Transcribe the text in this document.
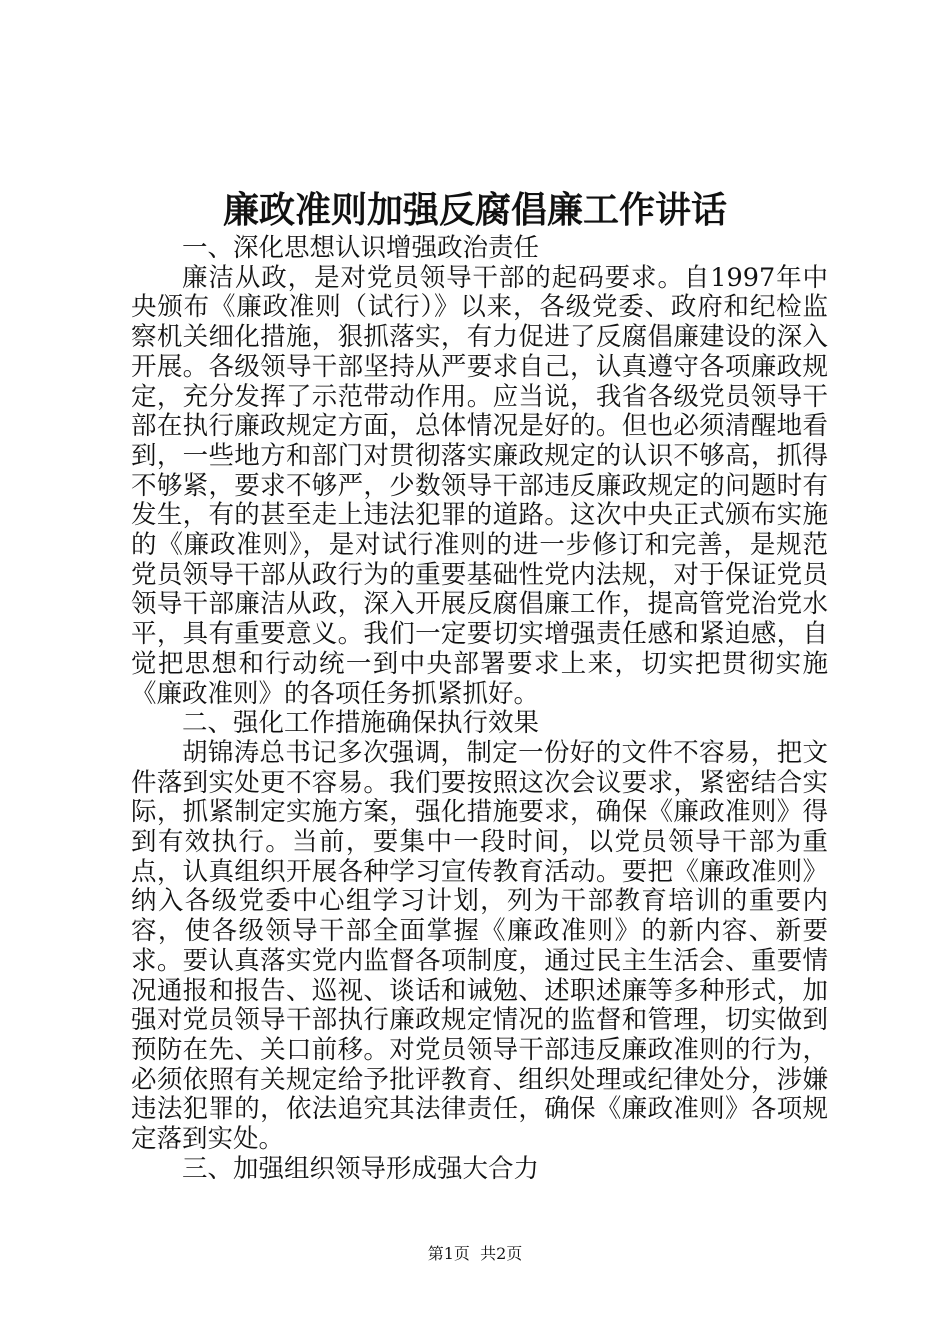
廉政准则加强反腐倡廉工作讲话

一、深化思想认识增强政治责任

廉洁从政，是对党员领导干部的起码要求。自1997年中央颁布《廉政准则（试行）》以来，各级党委、政府和纪检监察机关细化措施，狠抓落实，有力促进了反腐倡廉建设的深入开展。各级领导干部坚持从严要求自己，认真遵守各项廉政规定，充分发挥了示范带动作用。应当说，我省各级党员领导干部在执行廉政规定方面，总体情况是好的。但也必须清醒地看到，一些地方和部门对贯彻落实廉政规定的认识不够高，抓得不够紧，要求不够严，少数领导干部违反廉政规定的问题时有发生，有的甚至走上违法犯罪的道路。这次中央正式颁布实施的《廉政准则》，是对试行准则的进一步修订和完善，是规范党员领导干部从政行为的重要基础性党内法规，对于保证党员领导干部廉洁从政，深入开展反腐倡廉工作，提高管党治党水平，具有重要意义。我们一定要切实增强责任感和紧迫感，自觉把思想和行动统一到中央部署要求上来，切实把贯彻实施《廉政准则》的各项任务抓紧抓好。

二、强化工作措施确保执行效果

胡锦涛总书记多次强调，制定一份好的文件不容易，把文件落到实处更不容易。我们要按照这次会议要求，紧密结合实际，抓紧制定实施方案，强化措施要求，确保《廉政准则》得到有效执行。当前，要集中一段时间，以党员领导干部为重点，认真组织开展各种学习宣传教育活动。要把《廉政准则》纳入各级党委中心组学习计划，列为干部教育培训的重要内容，使各级领导干部全面掌握《廉政准则》的新内容、新要求。要认真落实党内监督各项制度，通过民主生活会、重要情况通报和报告、巡视、谈话和诫勉、述职述廉等多种形式，加强对党员领导干部执行廉政规定情况的监督和管理，切实做到预防在先、关口前移。对党员领导干部违反廉政准则的行为，必须依照有关规定给予批评教育、组织处理或纪律处分，涉嫌违法犯罪的，依法追究其法律责任，确保《廉政准则》各项规定落到实处。

三、加强组织领导形成强大合力

第1页 共2页
